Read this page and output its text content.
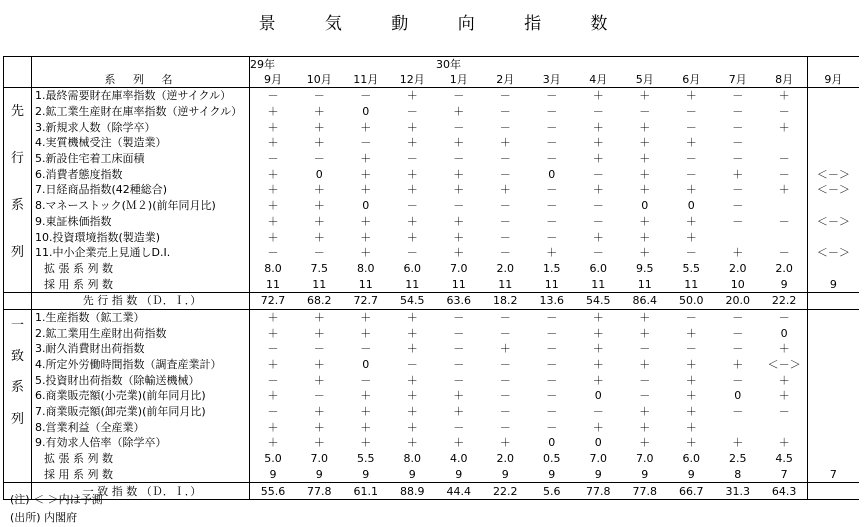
景 気 動 向 指 数
		29年	30年											
	系 列 名	9月	10月	11月	12月	1月	2月	3月	4月	5月	6月	7月	8月	9月

先
行
系
列	1.最終需要財在庫率指数（逆サイクル）	－	－	－	＋	－	－	－	＋	＋	＋	－	＋	
	2.鉱工業生産財在庫率指数（逆サイクル）	＋	＋	0	－	＋	－	－	－	－	－	－	－	
	3.新規求人数（除学卒）	＋	＋	＋	＋	－	－	－	＋	＋	－	－	＋	
	4.実質機械受注（製造業）	＋	＋	－	＋	＋	＋	－	＋	＋	＋	－		
	5.新設住宅着工床面積	－	－	＋	－	－	－	－	＋	＋	－	－	－	
	6.消費者態度指数	＋	0	＋	＋	＋	－	0	－	＋	－	＋	－	＜－＞
	7.日経商品指数(42種総合)	＋	＋	＋	＋	＋	＋	－	＋	＋	＋	－	＋	＜－＞
	8.マネーストック(Ｍ２)(前年同月比)	＋	＋	0	－	－	－	－	－	0	0	－		
	9.東証株価指数	＋	＋	＋	＋	＋	－	－	－	＋	＋	－	－	＜－＞
	10.投資環境指数(製造業)	＋	＋	＋	＋	＋	－	－	＋	＋	＋			
	11.中小企業売上見通しD.I.	－	－	＋	－	＋	－	＋	－	＋	－	＋	－	＜－＞
	拡 張 系 列 数	8.0	7.5	8.0	6.0	7.0	2.0	1.5	6.0	9.5	5.5	2.0	2.0	
	採 用 系 列 数	11	11	11	11	11	11	11	11	11	11	10	9	9
	先 行 指 数 （Ｄ．Ｉ．）	72.7	68.2	72.7	54.5	63.6	18.2	13.6	54.5	86.4	50.0	20.0	22.2	

一
致
系
列	1.生産指数（鉱工業）	＋	＋	＋	＋	－	－	－	＋	＋	－	－	－	
	2.鉱工業用生産財出荷指数	＋	＋	＋	＋	－	－	－	＋	＋	＋	－	0	
	3.耐久消費財出荷指数	－	－	－	＋	－	＋	－	＋	－	－	－	＋	
	4.所定外労働時間指数（調査産業計）	＋	＋	0	－	－	－	－	＋	＋	＋	＋	＜－＞	
	5.投資財出荷指数（除輸送機械）	－	＋	－	＋	－	－	－	＋	－	＋	－	＋	
	6.商業販売額(小売業)(前年同月比)	＋	－	＋	＋	＋	－	－	0	－	＋	0	＋	
	7.商業販売額(卸売業)(前年同月比)	－	＋	＋	＋	＋	－	－	－	＋	＋	－	－	
	8.営業利益（全産業）	＋	＋	＋	＋	－	－	－	＋	＋	＋			
	9.有効求人倍率（除学卒）	＋	＋	＋	＋	＋	＋	0	0	＋	＋	＋	＋	
	拡 張 系 列 数	5.0	7.0	5.5	8.0	4.0	2.0	0.5	7.0	7.0	6.0	2.5	4.5	
	採 用 系 列 数	9	9	9	9	9	9	9	9	9	9	8	7	7
	一 致 指 数 （Ｄ．Ｉ．）	55.6	77.8	61.1	88.9	44.4	22.2	5.6	77.8	77.8	66.7	31.3	64.3	
(注) ＜ ＞内は予測
(出所) 内閣府
